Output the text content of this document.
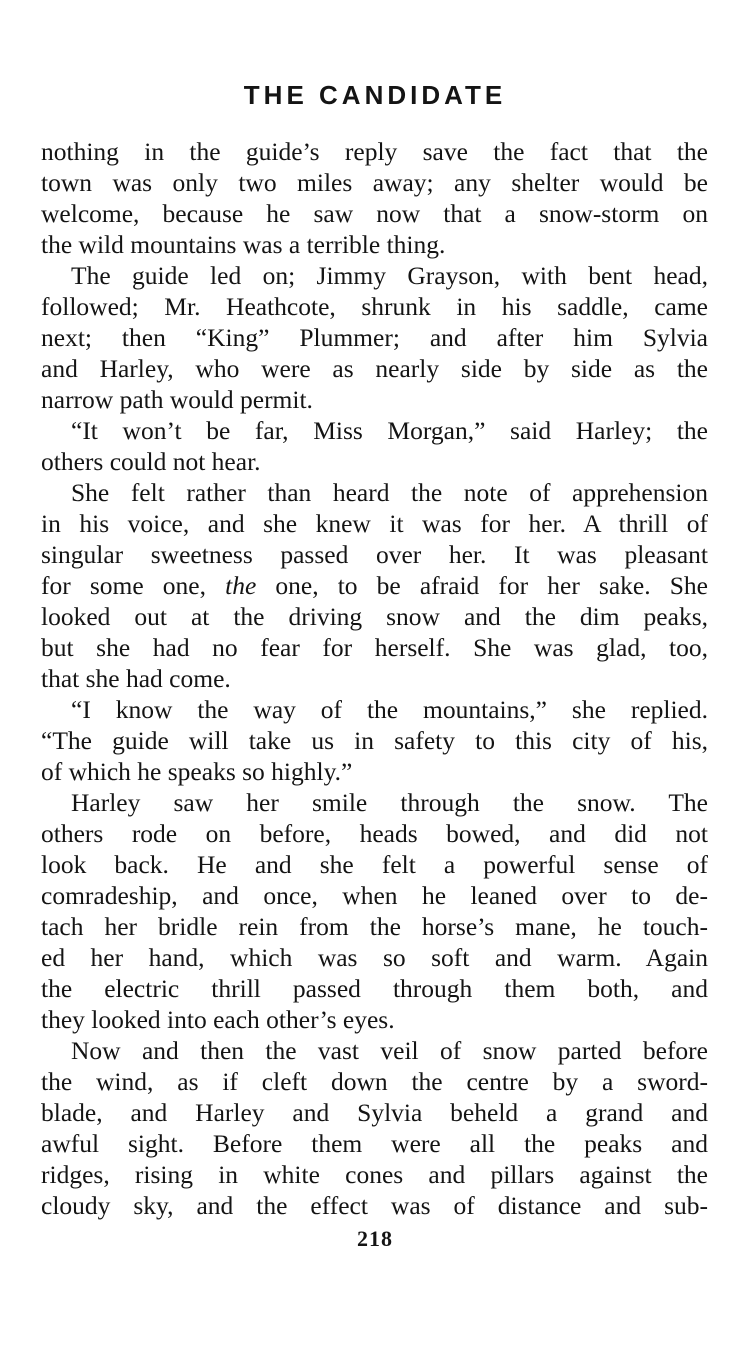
THE CANDIDATE
nothing in the guide’s reply save the fact that the
town was only two miles away; any shelter would be
welcome, because he saw now that a snow-storm on
the wild mountains was a terrible thing.
The guide led on; Jimmy Grayson, with bent head,
followed; Mr. Heathcote, shrunk in his saddle, came
next; then “King” Plummer; and after him Sylvia
and Harley, who were as nearly side by side as the
narrow path would permit.
“It won’t be far, Miss Morgan,” said Harley; the
others could not hear.
She felt rather than heard the note of apprehension
in his voice, and she knew it was for her. A thrill of
singular sweetness passed over her. It was pleasant
for some one, the one, to be afraid for her sake. She
looked out at the driving snow and the dim peaks,
but she had no fear for herself. She was glad, too,
that she had come.
“I know the way of the mountains,” she replied.
“The guide will take us in safety to this city of his,
of which he speaks so highly.”
Harley saw her smile through the snow. The
others rode on before, heads bowed, and did not
look back. He and she felt a powerful sense of
comradeship, and once, when he leaned over to de-
tach her bridle rein from the horse’s mane, he touch-
ed her hand, which was so soft and warm. Again
the electric thrill passed through them both, and
they looked into each other’s eyes.
Now and then the vast veil of snow parted before
the wind, as if cleft down the centre by a sword-
blade, and Harley and Sylvia beheld a grand and
awful sight. Before them were all the peaks and
ridges, rising in white cones and pillars against the
cloudy sky, and the effect was of distance and sub-
218
